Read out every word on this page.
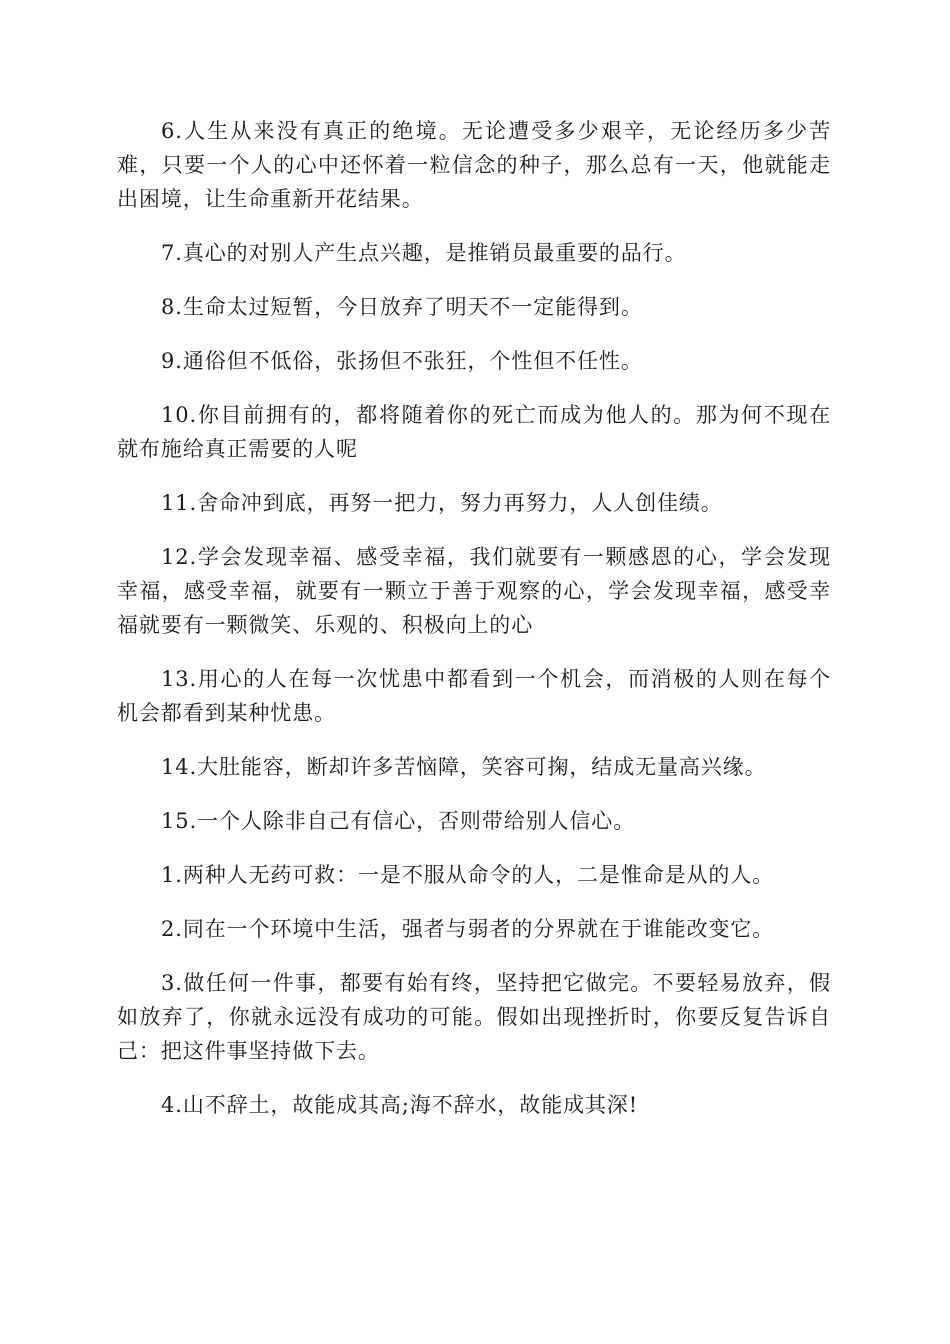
6.人生从来没有真正的绝境。无论遭受多少艰辛，无论经历多少苦难，只要一个人的心中还怀着一粒信念的种子，那么总有一天，他就能走出困境，让生命重新开花结果。

7.真心的对别人产生点兴趣，是推销员最重要的品行。

8.生命太过短暂，今日放弃了明天不一定能得到。

9.通俗但不低俗，张扬但不张狂，个性但不任性。

10.你目前拥有的，都将随着你的死亡而成为他人的。那为何不现在就布施给真正需要的人呢

11.舍命冲到底，再努一把力，努力再努力，人人创佳绩。

12.学会发现幸福、感受幸福，我们就要有一颗感恩的心，学会发现幸福，感受幸福，就要有一颗立于善于观察的心，学会发现幸福，感受幸福就要有一颗微笑、乐观的、积极向上的心

13.用心的人在每一次忧患中都看到一个机会，而消极的人则在每个机会都看到某种忧患。

14.大肚能容，断却许多苦恼障，笑容可掬，结成无量高兴缘。

15.一个人除非自己有信心，否则带给别人信心。

1.两种人无药可救：一是不服从命令的人，二是惟命是从的人。

2.同在一个环境中生活，强者与弱者的分界就在于谁能改变它。

3.做任何一件事，都要有始有终，坚持把它做完。不要轻易放弃，假如放弃了，你就永远没有成功的可能。假如出现挫折时，你要反复告诉自己：把这件事坚持做下去。

4.山不辞土，故能成其高;海不辞水，故能成其深!
